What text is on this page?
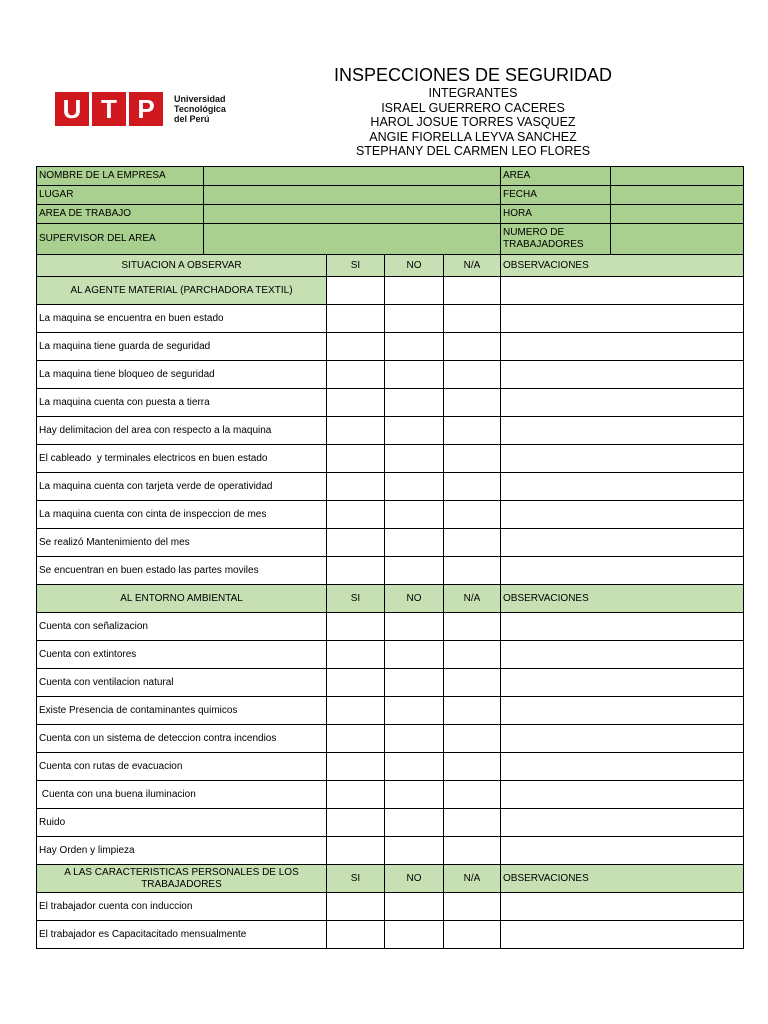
U T P	Universidad
Tecnológica
del Perú
INSPECCIONES DE SEGURIDAD
INTEGRANTES
ISRAEL GUERRERO CACERES
HAROL JOSUE TORRES VASQUEZ
ANGIE FIORELLA LEYVA SANCHEZ
STEPHANY DEL CARMEN LEO FLORES
NOMBRE DE LA EMPRESA					AREA	
LUGAR					FECHA	
AREA DE TRABAJO					HORA	
SUPERVISOR DEL AREA					NUMERO DE TRABAJADORES	
SITUACION A OBSERVAR		SI	NO	N/A	OBSERVACIONES	
AL AGENTE MATERIAL (PARCHADORA TEXTIL)						
La maquina se encuentra en buen estado						
La maquina tiene guarda de seguridad						
La maquina tiene bloqueo de seguridad						
La maquina cuenta con puesta a tierra						
Hay delimitacion del area con respecto a la maquina						
El cableado  y terminales electricos en buen estado						
La maquina cuenta con tarjeta verde de operatividad						
La maquina cuenta con cinta de inspeccion de mes						
Se realizó Mantenimiento del mes						
Se encuentran en buen estado las partes moviles						
AL ENTORNO AMBIENTAL		SI	NO	N/A	OBSERVACIONES	
Cuenta con señalizacion						
Cuenta con extintores						
Cuenta con ventilacion natural						
Existe Presencia de contaminantes quimicos						
Cuenta con un sistema de deteccion contra incendios						
Cuenta con rutas de evacuacion						
Cuenta con una buena iluminacion						
Ruido						
Hay Orden y limpieza						
A LAS CARACTERISTICAS PERSONALES DE LOS TRABAJADORES		SI	NO	N/A	OBSERVACIONES	
El trabajador cuenta con induccion						
El trabajador es Capacitacitado mensualmente						
